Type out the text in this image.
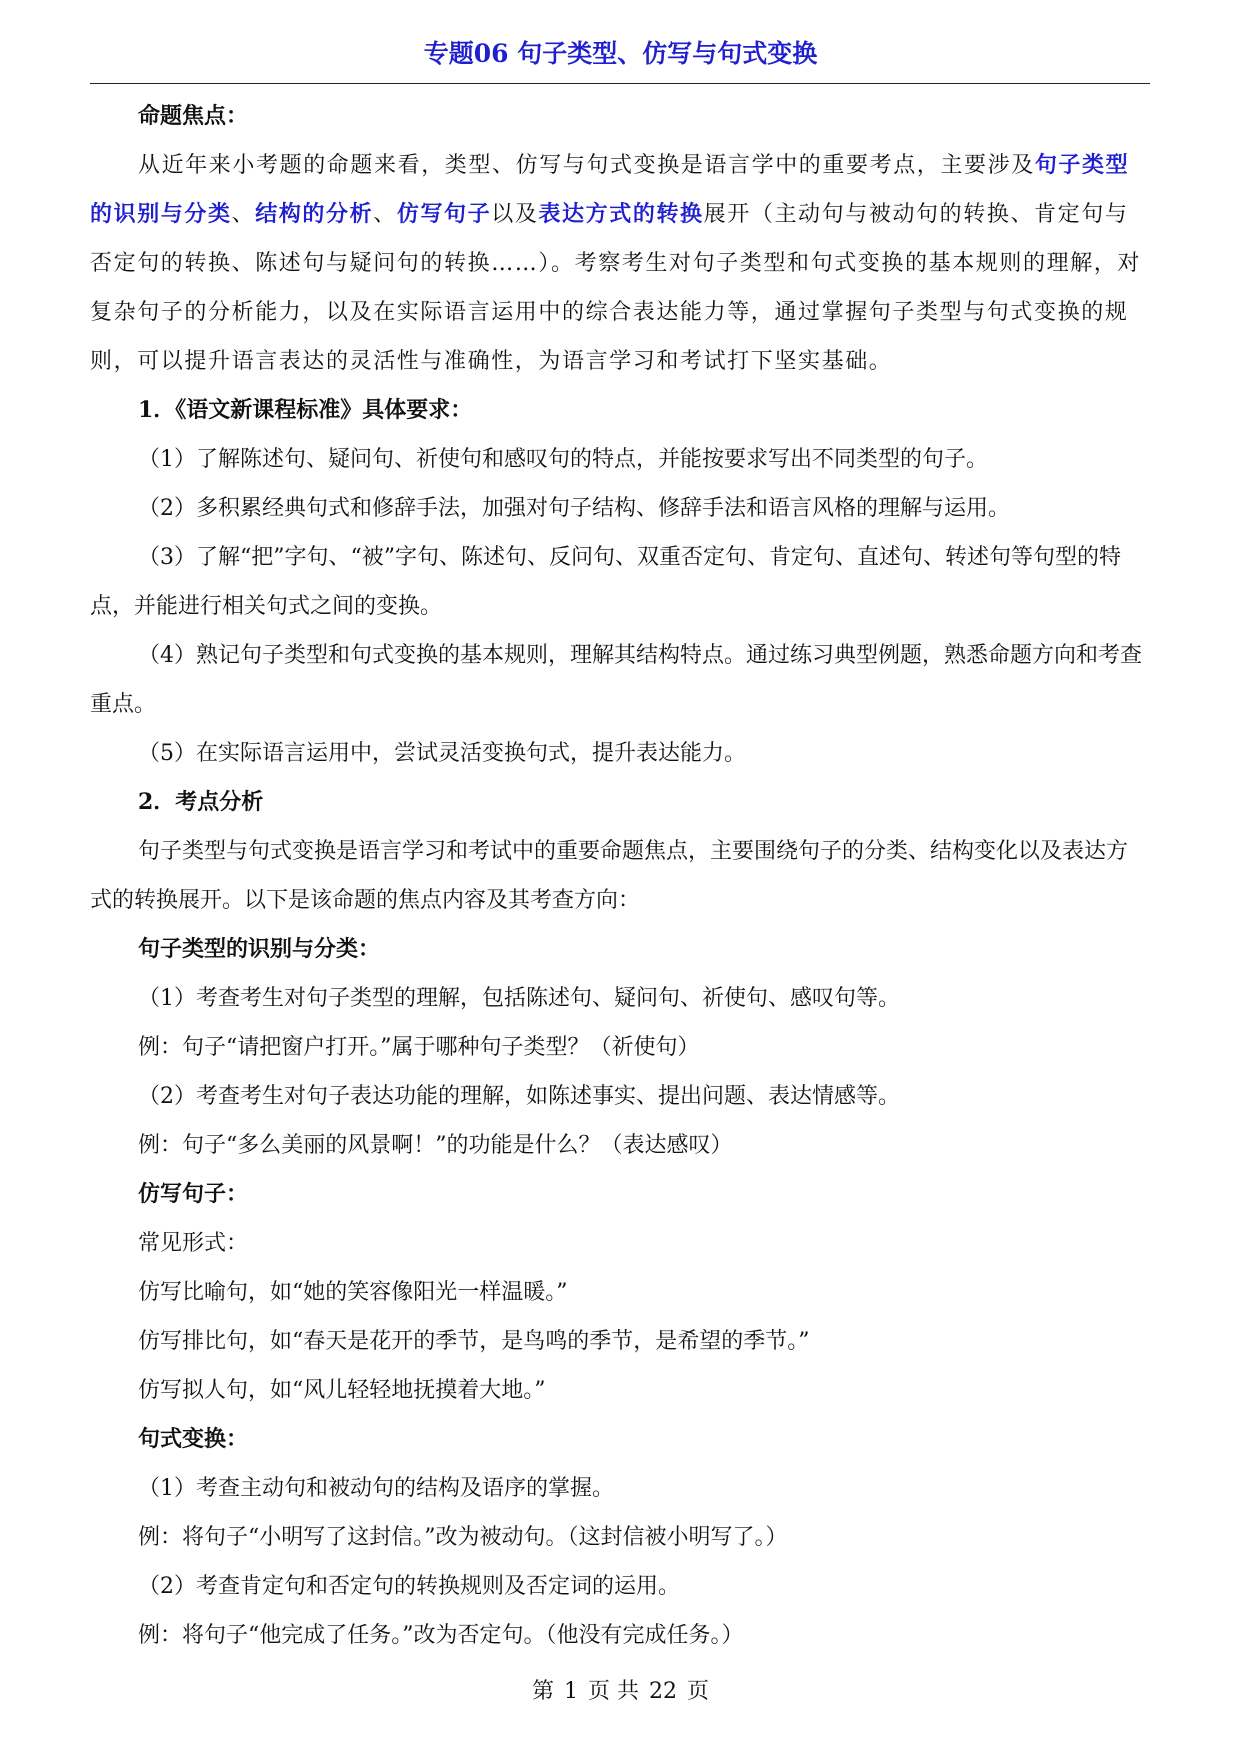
专题06 句子类型、仿写与句式变换

命题焦点：

从近年来小考题的命题来看，类型、仿写与句式变换是语言学中的重要考点，主要涉及句子类型的识别与分类、结构的分析、仿写句子以及表达方式的转换展开（主动句与被动句的转换、肯定句与否定句的转换、陈述句与疑问句的转换……）。考察考生对句子类型和句式变换的基本规则的理解，对复杂句子的分析能力，以及在实际语言运用中的综合表达能力等，通过掌握句子类型与句式变换的规则，可以提升语言表达的灵活性与准确性，为语言学习和考试打下坚实基础。

1．《语文新课程标准》具体要求：

（1）了解陈述句、疑问句、祈使句和感叹句的特点，并能按要求写出不同类型的句子。

（2）多积累经典句式和修辞手法，加强对句子结构、修辞手法和语言风格的理解与运用。

（3）了解“把”字句、“被”字句、陈述句、反问句、双重否定句、肯定句、直述句、转述句等句型的特点，并能进行相关句式之间的变换。

（4）熟记句子类型和句式变换的基本规则，理解其结构特点。通过练习典型例题，熟悉命题方向和考查重点。

（5）在实际语言运用中，尝试灵活变换句式，提升表达能力。

2．考点分析

句子类型与句式变换是语言学习和考试中的重要命题焦点，主要围绕句子的分类、结构变化以及表达方式的转换展开。以下是该命题的焦点内容及其考查方向：

句子类型的识别与分类：

（1）考查考生对句子类型的理解，包括陈述句、疑问句、祈使句、感叹句等。

例：句子“请把窗户打开。”属于哪种句子类型？（祈使句）

（2）考查考生对句子表达功能的理解，如陈述事实、提出问题、表达情感等。

例：句子“多么美丽的风景啊！”的功能是什么？（表达感叹）

仿写句子：

常见形式：

仿写比喻句，如“她的笑容像阳光一样温暖。”

仿写排比句，如“春天是花开的季节，是鸟鸣的季节，是希望的季节。”

仿写拟人句，如“风儿轻轻地抚摸着大地。”

句式变换：

（1）考查主动句和被动句的结构及语序的掌握。

例：将句子“小明写了这封信。”改为被动句。（这封信被小明写了。）

（2）考查肯定句和否定句的转换规则及否定词的运用。

例：将句子“他完成了任务。”改为否定句。（他没有完成任务。）

第 1 页 共 22 页
